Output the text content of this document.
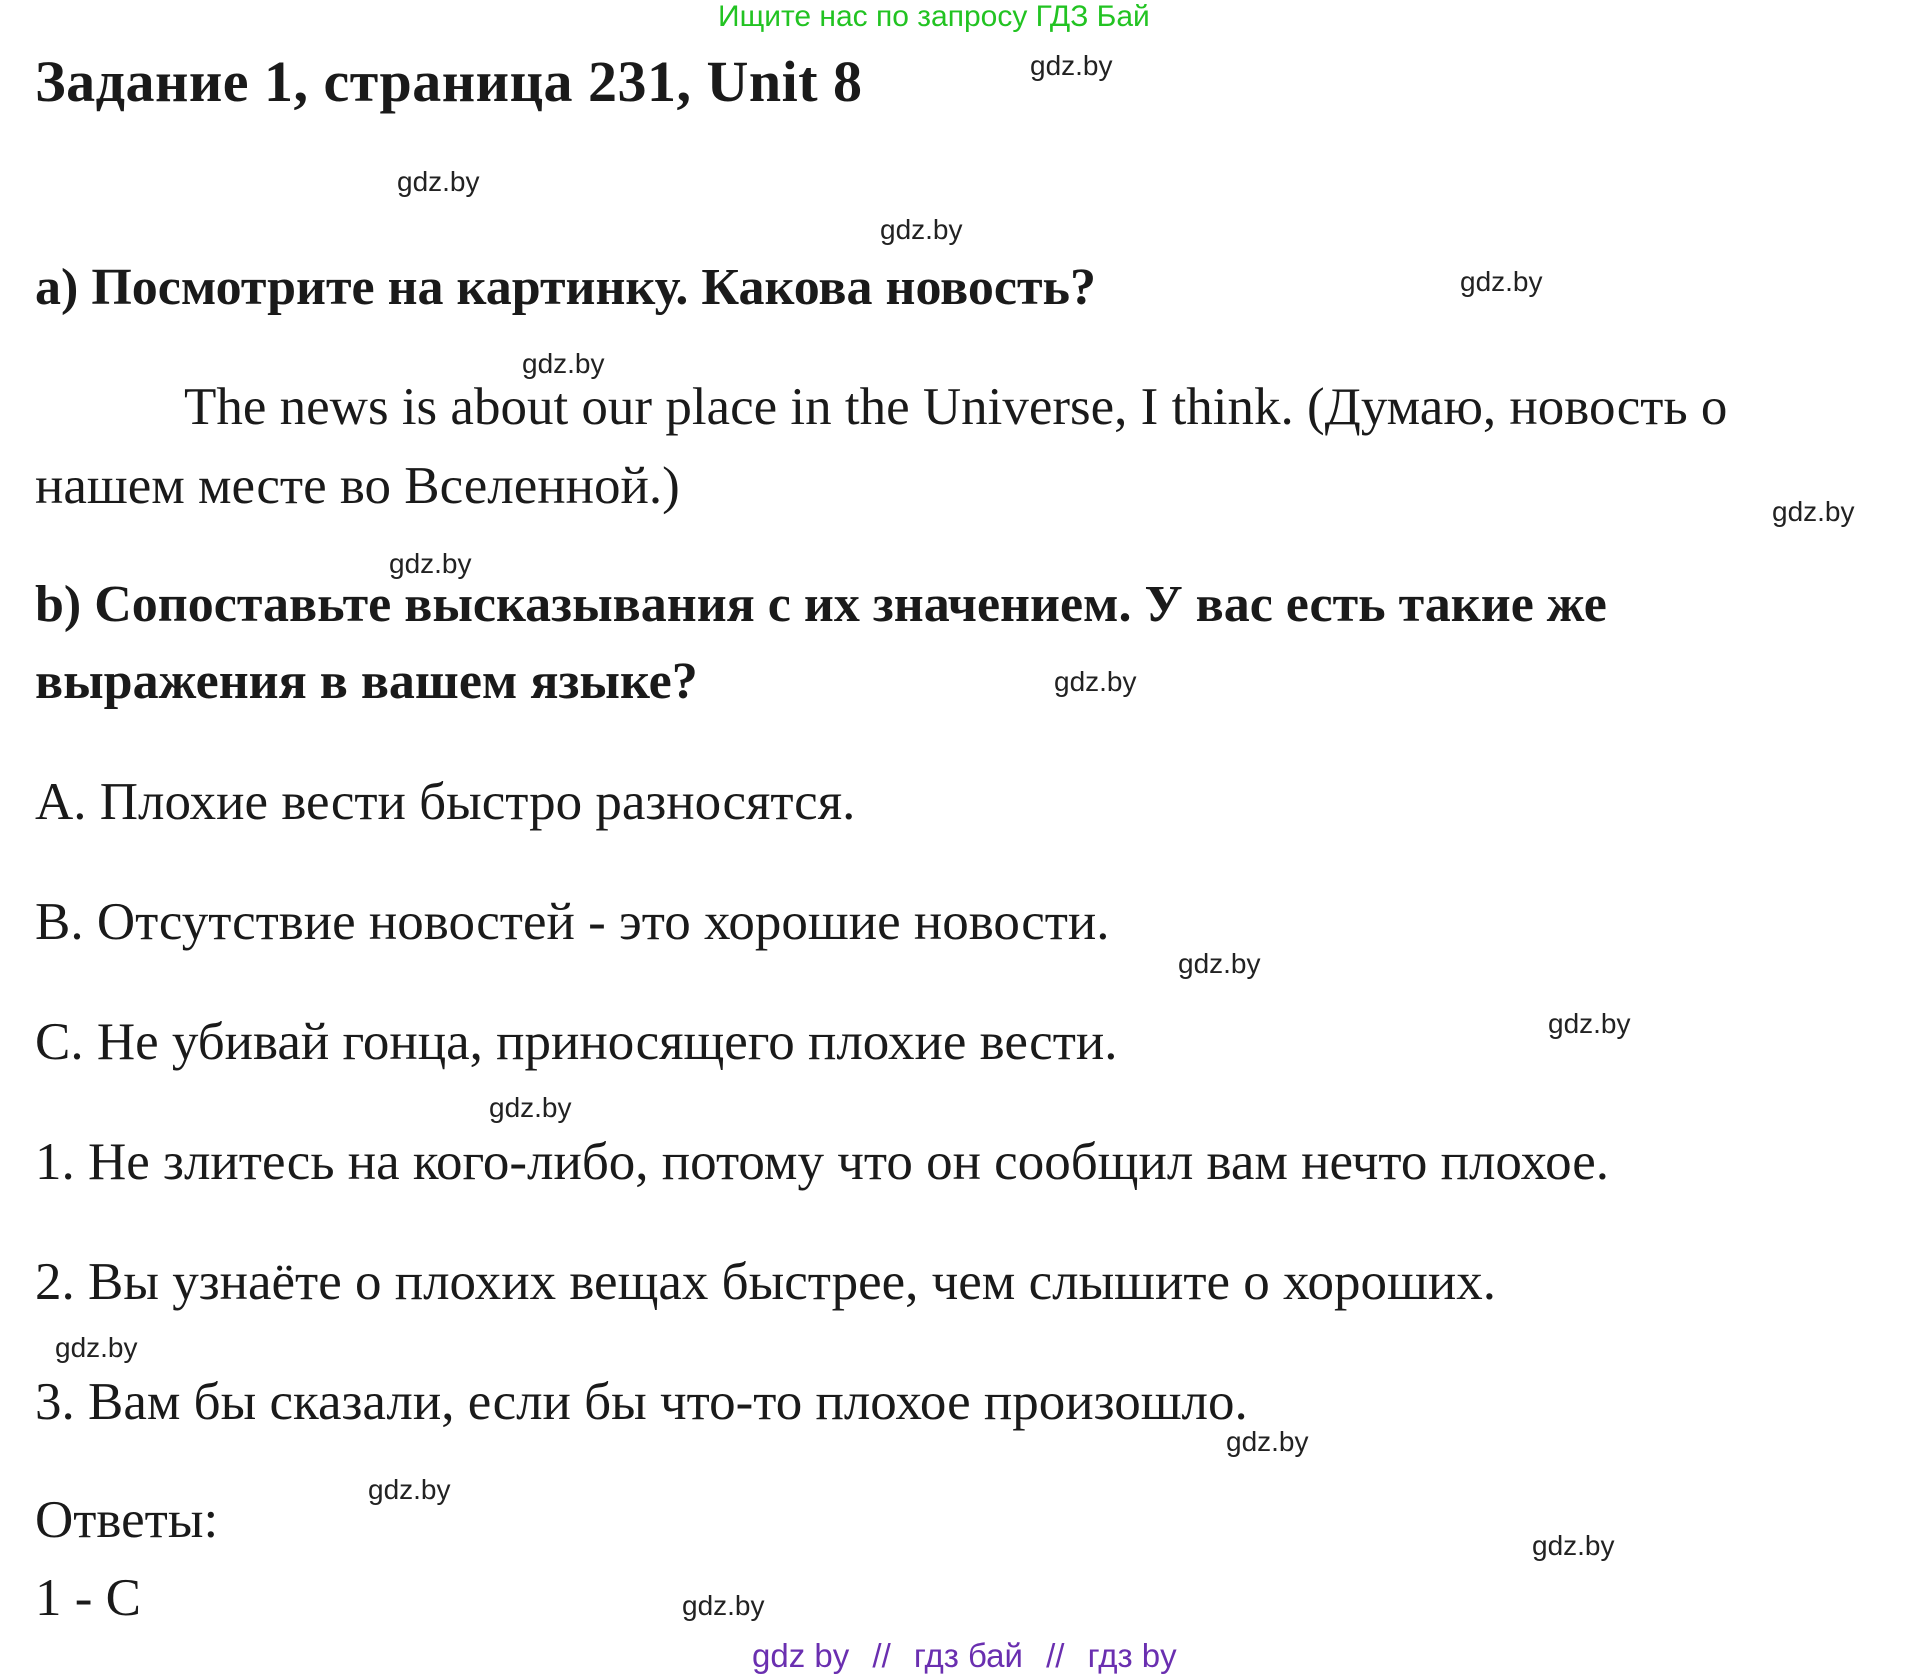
Ищите нас по запросу ГДЗ Бай
Задание 1, страница 231, Unit 8
a) Посмотрите на картинку. Какова новость?
The news is about our place in the Universe, I think. (Думаю, новость о
нашем месте во Вселенной.)
b) Сопоставьте высказывания с их значением. У вас есть такие же
выражения в вашем языке?
A. Плохие вести быстро разносятся.
B. Отсутствие новостей - это хорошие новости.
C. Не убивай гонца, приносящего плохие вести.
1. Не злитесь на кого-либо, потому что он сообщил вам нечто плохое.
2. Вы узнаёте о плохих вещах быстрее, чем слышите о хороших.
3. Вам бы сказали, если бы что-то плохое произошло.
Ответы:
1 - C
gdz.by
gdz.by
gdz.by
gdz.by
gdz.by
gdz.by
gdz.by
gdz.by
gdz.by
gdz.by
gdz.by
gdz.by
gdz.by
gdz.by
gdz.by
gdz.by
gdz by // гдз бай // гдз by
